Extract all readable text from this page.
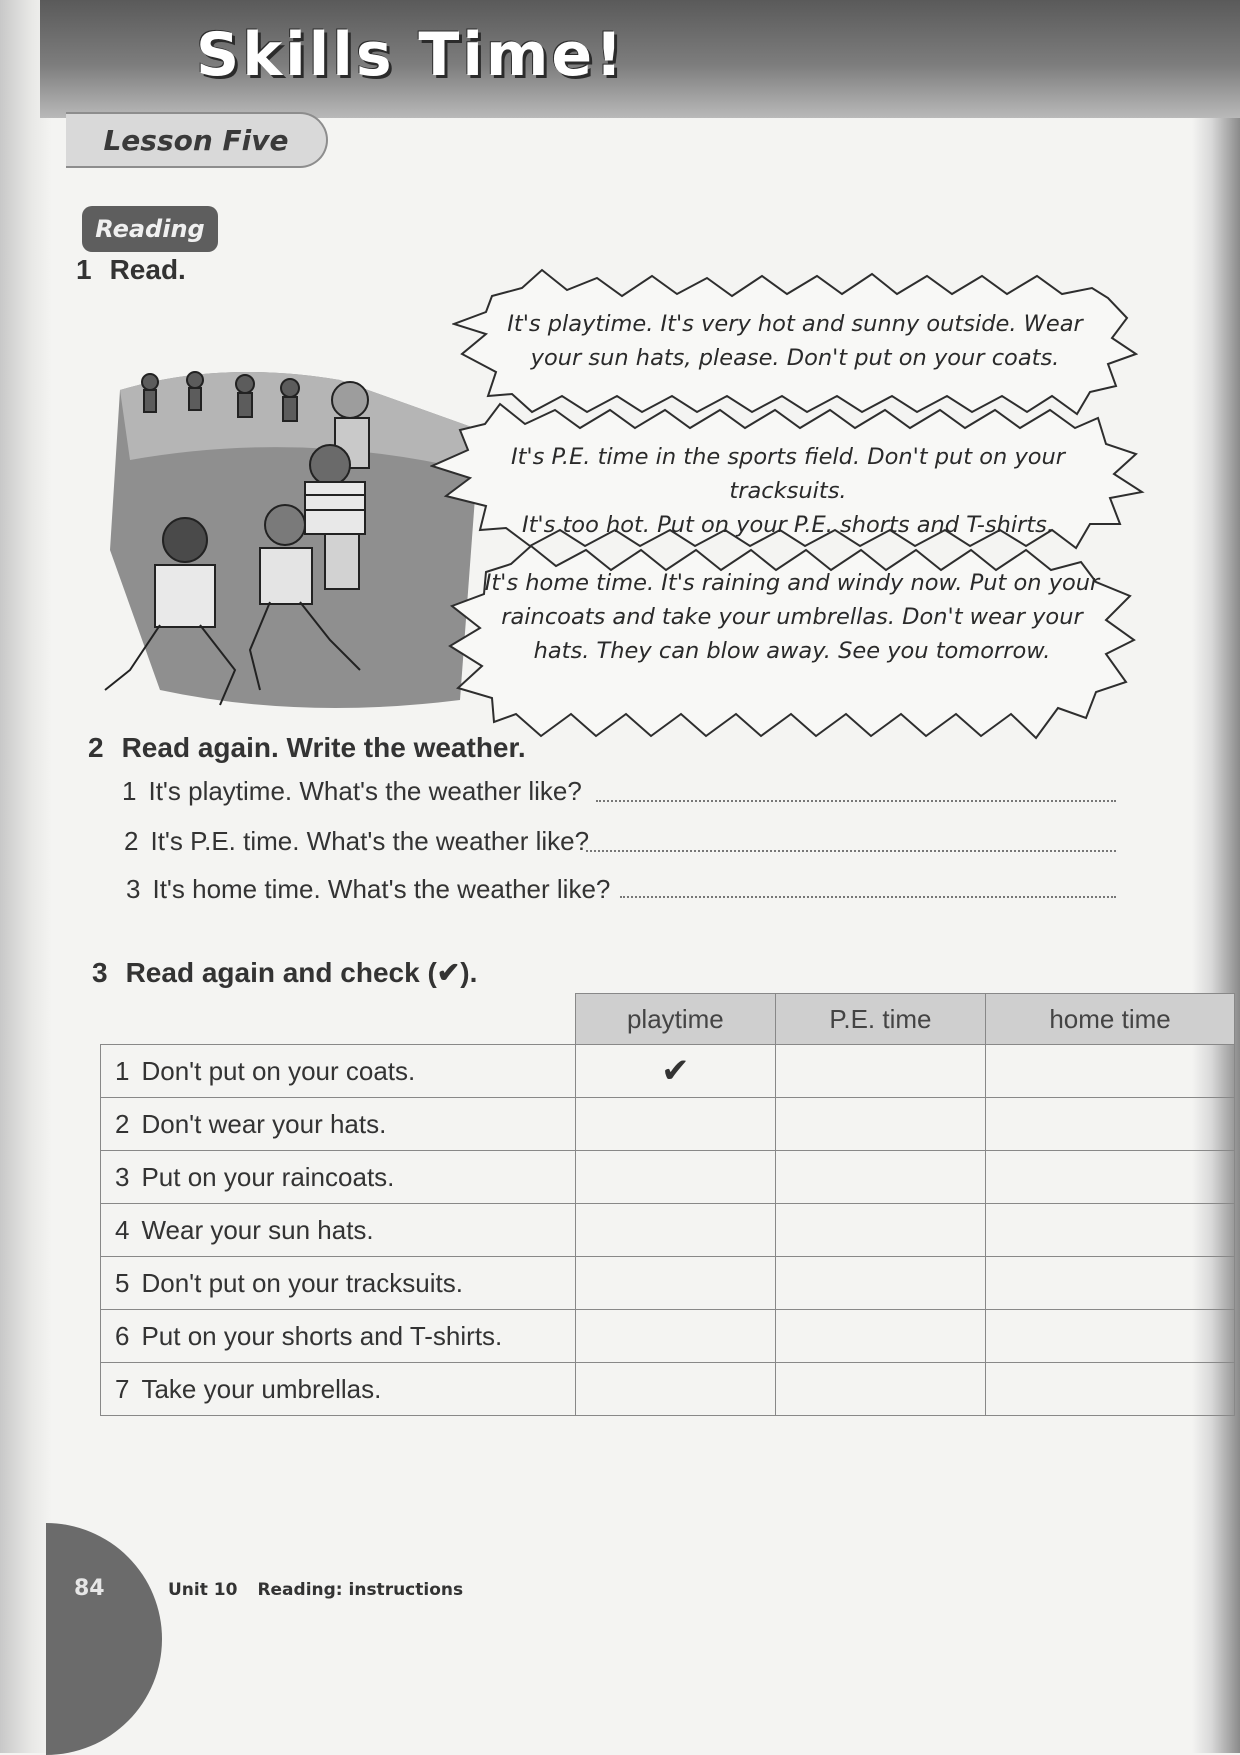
Skills Time!
Lesson Five
Reading
1 Read.
It's playtime. It's very hot and sunny outside. Wear
your sun hats, please. Don't put on your coats.
It's P.E. time in the sports field. Don't put on your tracksuits.
It's too hot. Put on your P.E. shorts and T-shirts.
It's home time. It's raining and windy now. Put on your
raincoats and take your umbrellas. Don't wear your
hats. They can blow away. See you tomorrow.
2 Read again. Write the weather.
1 It's playtime. What's the weather like?
2 It's P.E. time. What's the weather like?
3 It's home time. What's the weather like?
3 Read again and check (✔).
	playtime	P.E. time	home time
1 Don't put on your coats.	✔		
2 Don't wear your hats.			
3 Put on your raincoats.			
4 Wear your sun hats.			
5 Don't put on your tracksuits.			
6 Put on your shorts and T-shirts.			
7 Take your umbrellas.			
84	Unit 10 Reading: instructions
